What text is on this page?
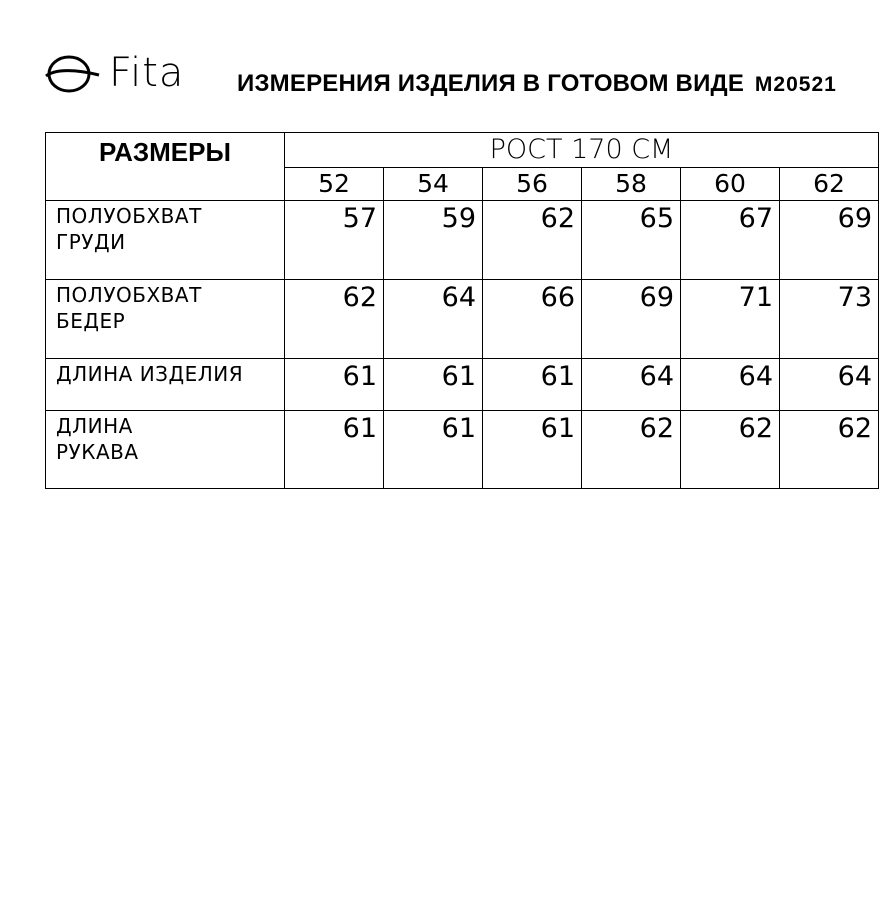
Fita ИЗМЕРЕНИЯ ИЗДЕЛИЯ В ГОТОВОМ ВИДЕ М20521
РАЗМЕРЫ	РОСТ 170 СМ					
	52	54	56	58	60	62
ПОЛУОБХВАТ
ГРУДИ	57	59	62	65	67	69
ПОЛУОБХВАТ
БЕДЕР	62	64	66	69	71	73
ДЛИНА ИЗДЕЛИЯ	61	61	61	64	64	64
ДЛИНА
РУКАВА	61	61	61	62	62	62
